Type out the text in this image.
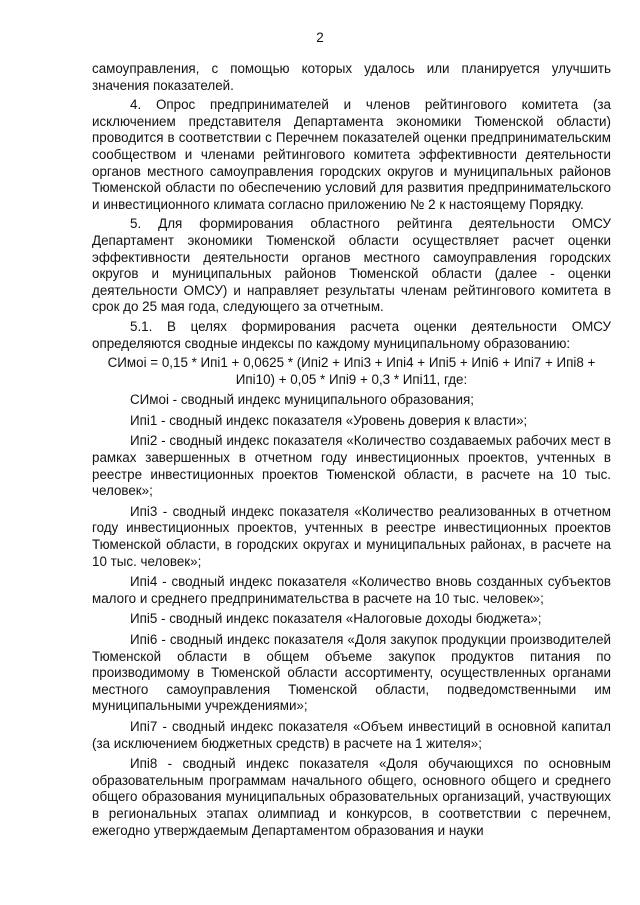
2

самоуправления, с помощью которых удалось или планируется улучшить значения показателей.

4. Опрос предпринимателей и членов рейтингового комитета (за исключением представителя Департамента экономики Тюменской области) проводится в соответствии с Перечнем показателей оценки предпринимательским сообществом и членами рейтингового комитета эффективности деятельности органов местного самоуправления городских округов и муниципальных районов Тюменской области по обеспечению условий для развития предпринимательского и инвестиционного климата согласно приложению № 2 к настоящему Порядку.

5. Для формирования областного рейтинга деятельности ОМСУ Департамент экономики Тюменской области осуществляет расчет оценки эффективности деятельности органов местного самоуправления городских округов и муниципальных районов Тюменской области (далее - оценки деятельности ОМСУ) и направляет результаты членам рейтингового комитета в срок до 25 мая года, следующего за отчетным.

5.1. В целях формирования расчета оценки деятельности ОМСУ определяются сводные индексы по каждому муниципальному образованию:

СИмоi = 0,15 * Ипi1 + 0,0625 * (Ипi2 + Ипi3 + Ипi4 + Ипi5 + Ипi6 + Ипi7 + Ипi8 +

Ипi10) + 0,05 * Ипi9 + 0,3 * Ипi11, где:

СИмоi - сводный индекс муниципального образования;

Ипi1 - сводный индекс показателя «Уровень доверия к власти»;

Ипi2 - сводный индекс показателя «Количество создаваемых рабочих мест в рамках завершенных в отчетном году инвестиционных проектов, учтенных в реестре инвестиционных проектов Тюменской области, в расчете на 10 тыс. человек»;

Ипi3 - сводный индекс показателя «Количество реализованных в отчетном году инвестиционных проектов, учтенных в реестре инвестиционных проектов Тюменской области, в городских округах и муниципальных районах, в расчете на 10 тыс. человек»;

Ипi4 - сводный индекс показателя «Количество вновь созданных субъектов малого и среднего предпринимательства в расчете на 10 тыс. человек»;

Ипi5 - сводный индекс показателя «Налоговые доходы бюджета»;

Ипi6 - сводный индекс показателя «Доля закупок продукции производителей Тюменской области в общем объеме закупок продуктов питания по производимому в Тюменской области ассортименту, осуществленных органами местного самоуправления Тюменской области, подведомственными им муниципальными учреждениями»;

Ипi7 - сводный индекс показателя «Объем инвестиций в основной капитал (за исключением бюджетных средств) в расчете на 1 жителя»;

Ипi8 - сводный индекс показателя «Доля обучающихся по основным образовательным программам начального общего, основного общего и среднего общего образования муниципальных образовательных организаций, участвующих в региональных этапах олимпиад и конкурсов, в соответствии с перечнем, ежегодно утверждаемым Департаментом образования и науки
